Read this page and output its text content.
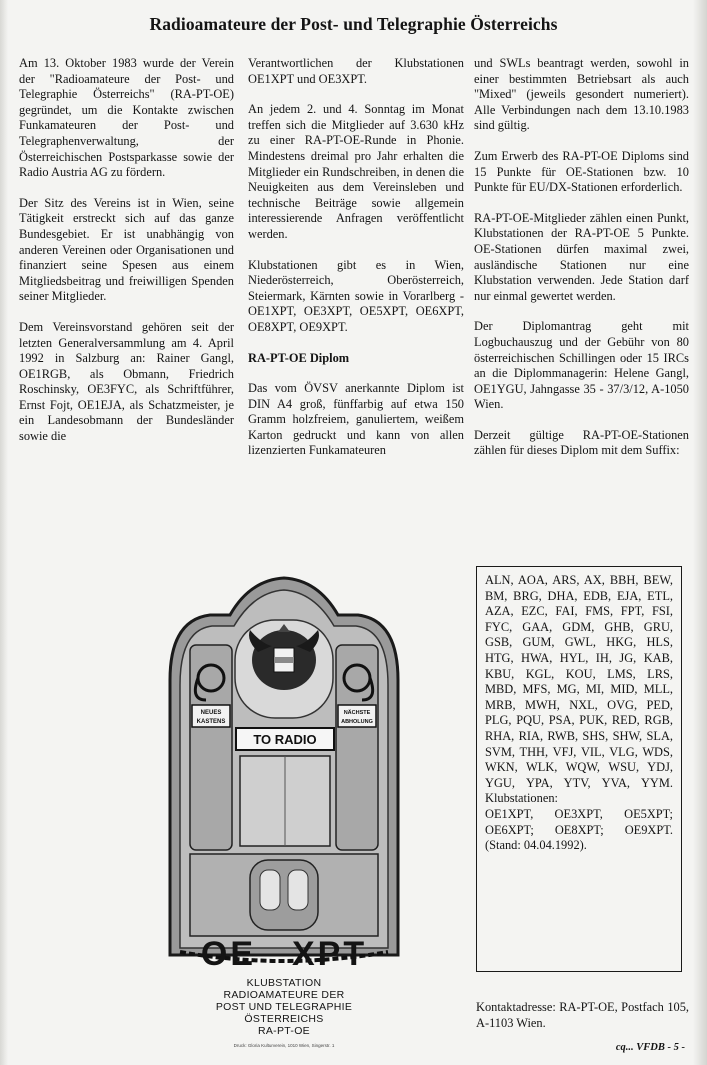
Radioamateure der Post- und Telegraphie Österreichs

Am 13. Oktober 1983 wurde der Verein der "Radioamateure der Post- und Telegraphie Österreichs" (RA-PT-OE) gegründet, um die Kontakte zwischen Funkamateuren der Post- und Telegraphenverwaltung, der Österreichischen Postsparkasse sowie der Radio Austria AG zu fördern.

Der Sitz des Vereins ist in Wien, seine Tätigkeit erstreckt sich auf das ganze Bundesgebiet. Er ist unabhängig von anderen Vereinen oder Organisationen und finanziert seine Spesen aus einem Mitgliedsbeitrag und freiwilligen Spenden seiner Mitglieder.

Dem Vereinsvorstand gehören seit der letzten Generalversammlung am 4. April 1992 in Salzburg an: Rainer Gangl, OE1RGB, als Obmann, Friedrich Roschinsky, OE3FYC, als Schriftführer, Ernst Fojt, OE1EJA, als Schatzmeister, je ein Landesobmann der Bundesländer sowie die

Verantwortlichen der Klubstationen OE1XPT und OE3XPT.

An jedem 2. und 4. Sonntag im Monat treffen sich die Mitglieder auf 3.630 kHz zu einer RA-PT-OE-Runde in Phonie. Mindestens dreimal pro Jahr erhalten die Mitglieder ein Rundschreiben, in denen die Neuigkeiten aus dem Vereinsleben und technische Beiträge sowie allgemein interessierende Anfragen veröffentlicht werden.

Klubstationen gibt es in Wien, Niederösterreich, Oberösterreich, Steiermark, Kärnten sowie in Vorarlberg - OE1XPT, OE3XPT, OE5XPT, OE6XPT, OE8XPT, OE9XPT.

RA-PT-OE Diplom

Das vom ÖVSV anerkannte Diplom ist DIN A4 groß, fünffarbig auf etwa 150 Gramm holzfreiem, ganuliertem, weißem Karton gedruckt und kann von allen lizenzierten Funkamateuren

und SWLs beantragt werden, sowohl in einer bestimmten Betriebsart als auch "Mixed" (jeweils gesondert numeriert). Alle Verbindungen nach dem 13.10.1983 sind gültig.

Zum Erwerb des RA-PT-OE Diploms sind 15 Punkte für OE-Stationen bzw. 10 Punkte für EU/DX-Stationen erforderlich.

RA-PT-OE-Mitglieder zählen einen Punkt, Klubstationen der RA-PT-OE 5 Punkte. OE-Stationen dürfen maximal zwei, ausländische Stationen nur eine Klubstation verwenden. Jede Station darf nur einmal gewertet werden.

Der Diplomantrag geht mit Logbuchauszug und der Gebühr von 80 österreichischen Schillingen oder 15 IRCs an die Diplommanagerin: Helene Gangl, OE1YGU, Jahngasse 35 - 37/3/12, A-1050 Wien.

Derzeit gültige RA-PT-OE-Stationen zählen für dieses Diplom mit dem Suffix:

ALN, AOA, ARS, AX, BBH, BEW, BM, BRG, DHA, EDB, EJA, ETL, AZA, EZC, FAI, FMS, FPT, FSI, FYC, GAA, GDM, GHB, GRU, GSB, GUM, GWL, HKG, HLS, HTG, HWA, HYL, IH, JG, KAB, KBU, KGL, KOU, LMS, LRS, MBD, MFS, MG, MI, MID, MLL, MRB, MWH, NXL, OVG, PED, PLG, PQU, PSA, PUK, RED, RGB, RHA, RIA, RWB, SHS, SHW, SLA, SVM, THH, VFJ, VIL, VLG, WDS, WKN, WLK, WQW, WSU, YDJ, YGU, YPA, YTV, YVA, YYM.
Klubstationen:
OE1XPT, OE3XPT, OE5XPT; OE6XPT; OE8XPT; OE9XPT.
(Stand: 04.04.1992).
Kontaktadresse: RA-PT-OE, Postfach 105, A-1103 Wien.
NEUES
KASTENS
NÄCHSTE
ABHOLUNG
TO RADIO
OE XPT
KLUBSTATION
RADIOAMATEURE DER
POST UND TELEGRAPHIE
ÖSTERREICHS
RA-PT-OE
Druck: Gloria Kulturverein, 1010 Wien, Singerstr. 1	cq... VFDB - 5 -
